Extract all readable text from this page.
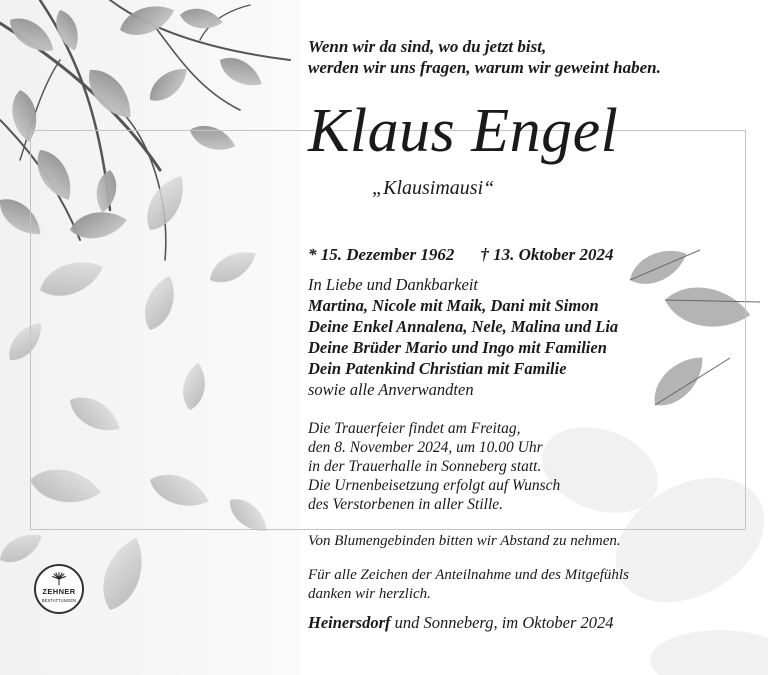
Wenn wir da sind, wo du jetzt bist,
werden wir uns fragen, warum wir geweint haben.
Klaus Engel
„Klausimausi“
* 15. Dezember 1962 † 13. Oktober 2024
In Liebe und Dankbarkeit
Martina, Nicole mit Maik, Dani mit Simon
Deine Enkel Annalena, Nele, Malina und Lia
Deine Brüder Mario und Ingo mit Familien
Dein Patenkind Christian mit Familie
sowie alle Anverwandten
Die Trauerfeier findet am Freitag,
den 8. November 2024, um 10.00 Uhr
in der Trauerhalle in Sonneberg statt.
Die Urnenbeisetzung erfolgt auf Wunsch
des Verstorbenen in aller Stille.
Von Blumengebinden bitten wir Abstand zu nehmen.
Für alle Zeichen der Anteilnahme und des Mitgefühls
danken wir herzlich.
Heinersdorf und Sonneberg, im Oktober 2024
ZEHNER
BESTATTUNGEN
